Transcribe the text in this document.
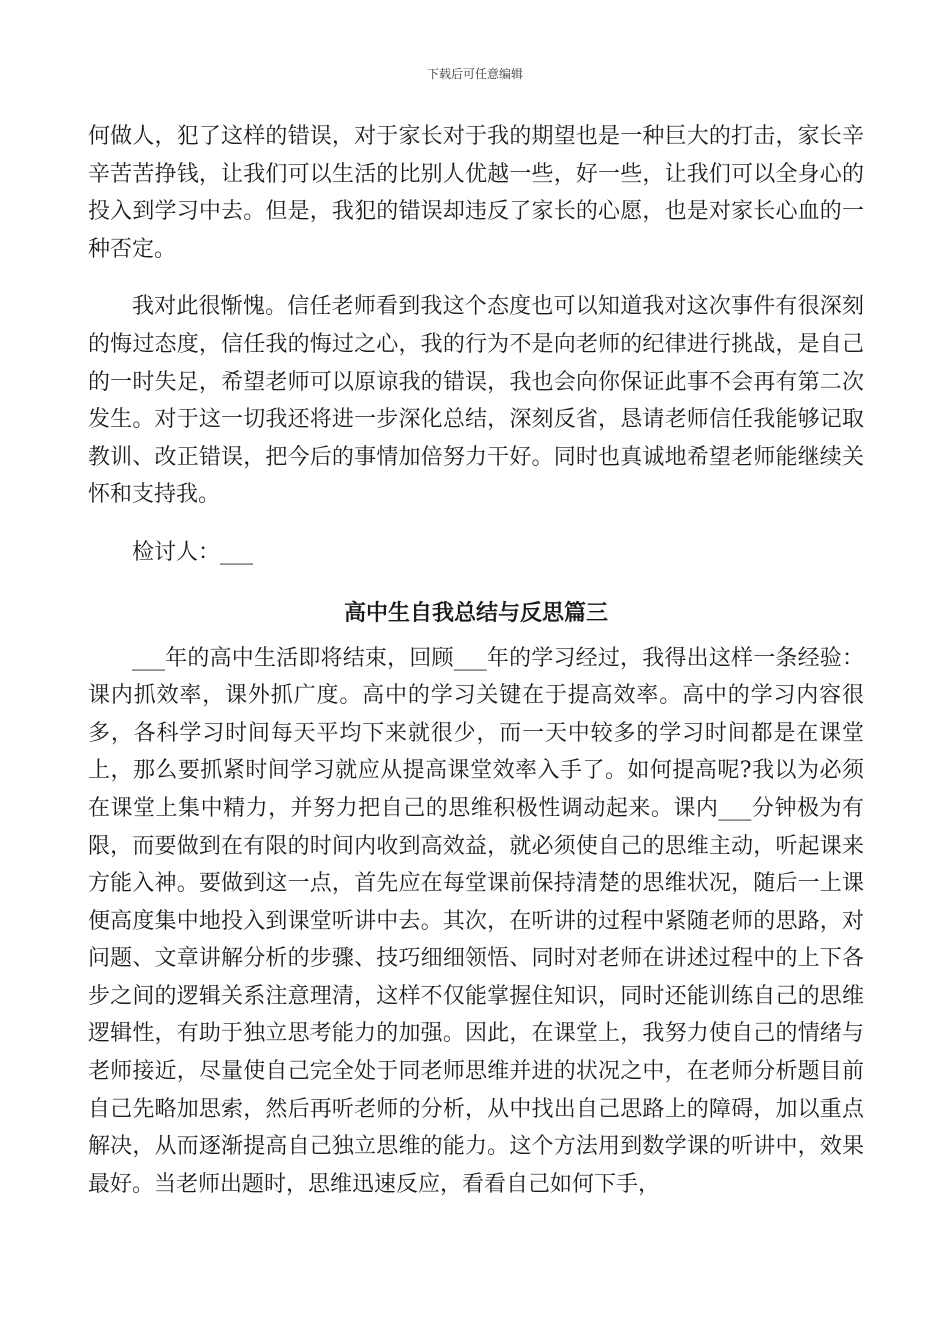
下载后可任意编辑

何做人，犯了这样的错误，对于家长对于我的期望也是一种巨大的打击，家长辛辛苦苦挣钱，让我们可以生活的比别人优越一些，好一些，让我们可以全身心的投入到学习中去。但是，我犯的错误却违反了家长的心愿，也是对家长心血的一种否定。

我对此很惭愧。信任老师看到我这个态度也可以知道我对这次事件有很深刻的悔过态度，信任我的悔过之心，我的行为不是向老师的纪律进行挑战，是自己的一时失足，希望老师可以原谅我的错误，我也会向你保证此事不会再有第二次发生。对于这一切我还将进一步深化总结，深刻反省，恳请老师信任我能够记取教训、改正错误，把今后的事情加倍努力干好。同时也真诚地希望老师能继续关怀和支持我。

检讨人：___

高中生自我总结与反思篇三

___年的高中生活即将结束，回顾___年的学习经过，我得出这样一条经验：课内抓效率，课外抓广度。高中的学习关键在于提高效率。高中的学习内容很多，各科学习时间每天平均下来就很少，而一天中较多的学习时间都是在课堂上，那么要抓紧时间学习就应从提高课堂效率入手了。如何提高呢?我以为必须在课堂上集中精力，并努力把自己的思维积极性调动起来。课内___分钟极为有限，而要做到在有限的时间内收到高效益，就必须使自己的思维主动，听起课来方能入神。要做到这一点，首先应在每堂课前保持清楚的思维状况，随后一上课便高度集中地投入到课堂听讲中去。其次，在听讲的过程中紧随老师的思路，对问题、文章讲解分析的步骤、技巧细细领悟、同时对老师在讲述过程中的上下各步之间的逻辑关系注意理清，这样不仅能掌握住知识，同时还能训练自己的思维逻辑性，有助于独立思考能力的加强。因此，在课堂上，我努力使自己的情绪与老师接近，尽量使自己完全处于同老师思维并进的状况之中，在老师分析题目前自己先略加思索，然后再听老师的分析，从中找出自己思路上的障碍，加以重点解决，从而逐渐提高自己独立思维的能力。这个方法用到数学课的听讲中，效果最好。当老师出题时，思维迅速反应，看看自己如何下手，
